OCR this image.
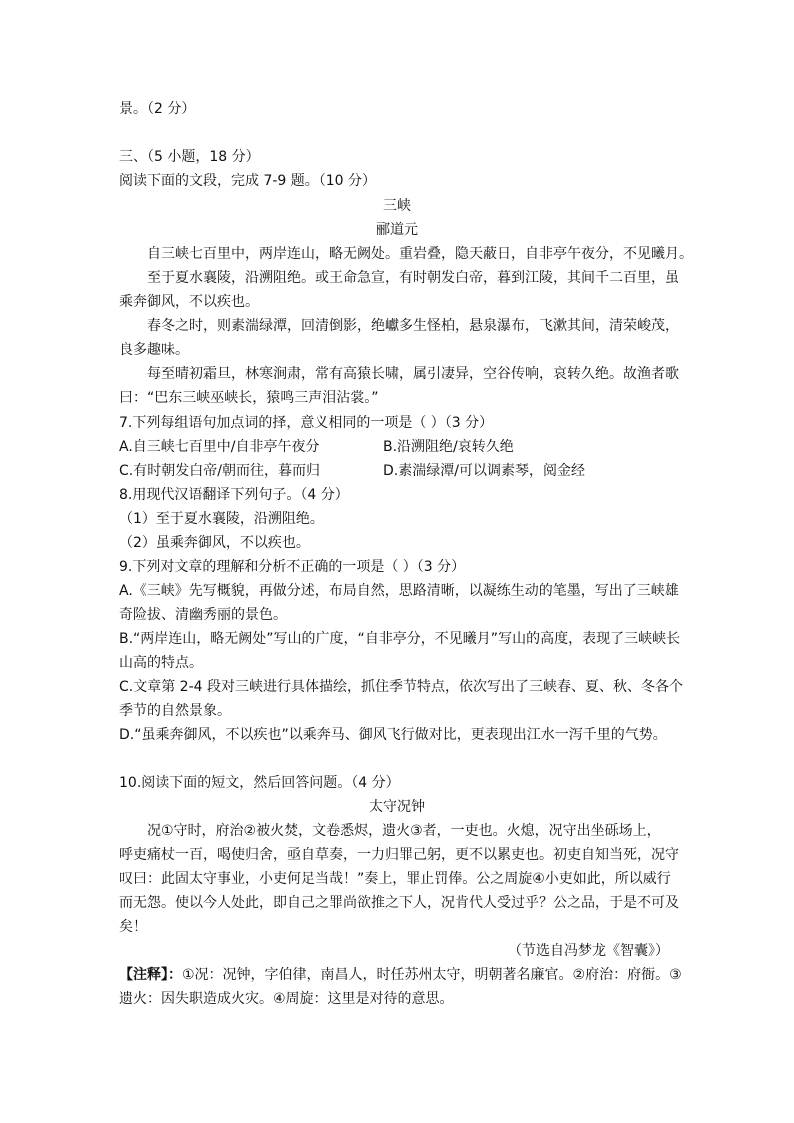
景。（2 分）
三、（5 小题，18 分）
阅读下面的文段，完成 7-9 题。（10 分）
三峡
郦道元
自三峡七百里中，两岸连山，略无阙处。重岩叠，隐天蔽日，自非亭午夜分，不见曦月。
至于夏水襄陵，沿溯阻绝。或王命急宣，有时朝发白帝，暮到江陵，其间千二百里，虽
乘奔御风，不以疾也。
春冬之时，则素湍绿潭，回清倒影，绝巘多生怪柏，悬泉瀑布，飞漱其间，清荣峻茂，
良多趣味。
每至晴初霜旦，林寒涧肃，常有高猿长啸，属引凄异，空谷传响，哀转久绝。故渔者歌
曰：“巴东三峡巫峡长，猿鸣三声泪沾裳。”
7.下列每组语句加点词的择，意义相同的一项是（ ）（3 分）
A.自三峡七百里中/自非亭午夜分	B.沿溯阻绝/哀转久绝
C.有时朝发白帝/朝而往，暮而归	D.素湍绿潭/可以调素琴，阅金经
8.用现代汉语翻译下列句子。（4 分）
（1）至于夏水襄陵，沿溯阻绝。
（2）虽乘奔御风，不以疾也。
9.下列对文章的理解和分析不正确的一项是（ ）（3 分）
A.《三峡》先写概貌，再做分述，布局自然，思路清晰，以凝练生动的笔墨，写出了三峡雄
奇险拔、清幽秀丽的景色。
B.“两岸连山，略无阙处”写山的广度，“自非亭分，不见曦月”写山的高度，表现了三峡峡长
山高的特点。
C.文章第 2-4 段对三峡进行具体描绘，抓住季节特点，依次写出了三峡春、夏、秋、冬各个
季节的自然景象。
D.“虽乘奔御风，不以疾也”以乘奔马、御风飞行做对比，更表现出江水一泻千里的气势。
10.阅读下面的短文，然后回答问题。（4 分）
太守况钟
况①守时，府治②被火焚，文卷悉烬，遗火③者，一吏也。火熄，况守出坐砾场上，
呼吏痛杖一百，喝使归舍，亟自草奏，一力归罪己躬，更不以累吏也。初吏自知当死，况守
叹曰：此固太守事业，小吏何足当哉！”奏上，罪止罚俸。公之周旋④小吏如此，所以威行
而无怨。使以今人处此，即自己之罪尚欲推之下人，况肯代人受过乎？公之品，于是不可及
矣！
（节选自冯梦龙《智囊》）
【注释】：①况：况钟，字伯律，南昌人，时任苏州太守，明朝著名廉官。②府治：府衙。③
遗火：因失职造成火灾。④周旋：这里是对待的意思。
